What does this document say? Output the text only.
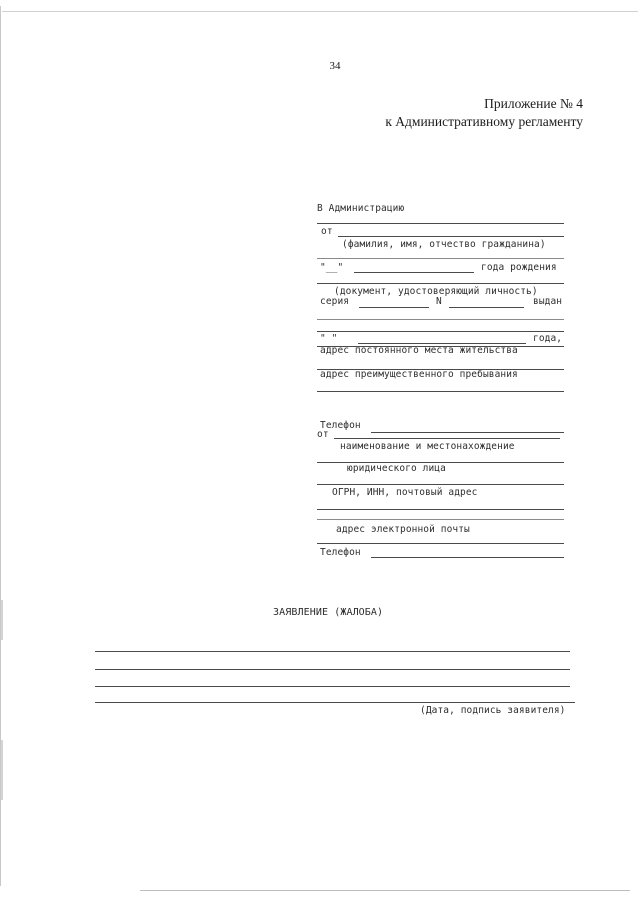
34
Приложение № 4
к Административному регламенту
В Администрацию
от
(фамилия, имя, отчество гражданина)
"__"	года рождения
(документ, удостоверяющий личность)
серия	N	выдан
" "	года,
адрес постоянного места жительства
адрес преимущественного пребывания
Телефон
от
наименование и местонахождение
юридического лица
ОГРН, ИНН, почтовый адрес
адрес электронной почты
Телефон
ЗАЯВЛЕНИЕ (ЖАЛОБА)
(Дата, подпись заявителя)
